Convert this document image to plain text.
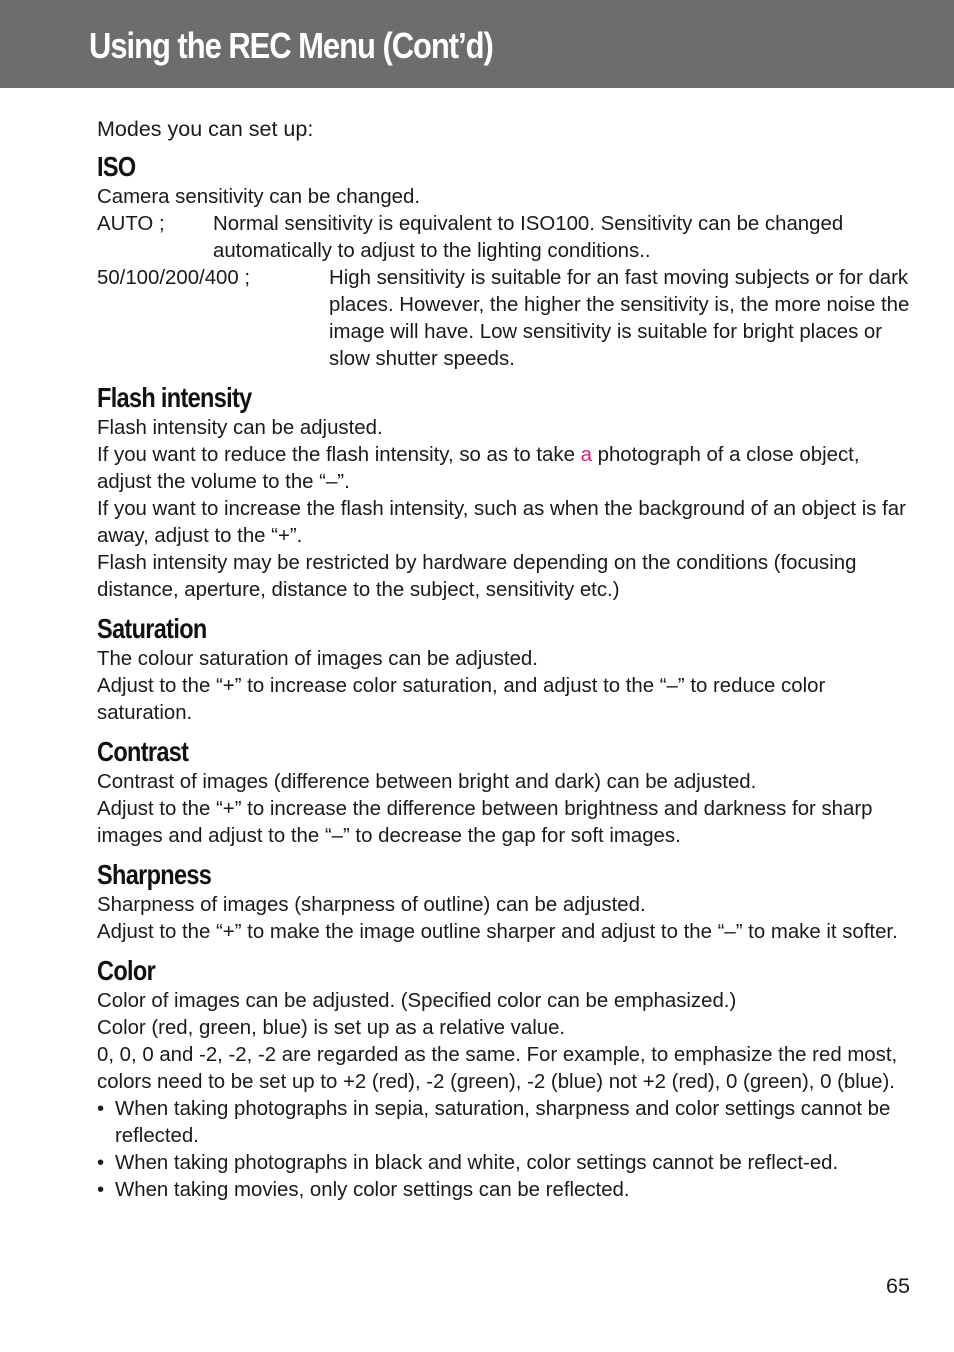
Using the REC Menu (Cont’d)

Modes you can set up:

ISO

Camera sensitivity can be changed.

AUTO ;	Normal sensitivity is equivalent to ISO100. Sensitivity can be changed automatically to adjust to the lighting conditions..
50/100/200/400 ;	High sensitivity is suitable for an fast moving subjects or for dark places. However, the higher the sensitivity is, the more noise the image will have. Low sensitivity is suitable for bright places or slow shutter speeds.
Flash intensity

Flash intensity can be adjusted.

If you want to reduce the flash intensity, so as to take a photograph of a close object, adjust the volume to the “–”.

If you want to increase the flash intensity, such as when the background of an object is far away, adjust to the “+”.

Flash intensity may be restricted by hardware depending on the conditions (focusing distance, aperture, distance to the subject, sensitivity etc.)

Saturation

The colour saturation of images can be adjusted.

Adjust to the “+” to increase color saturation, and adjust to the “–” to reduce color saturation.

Contrast

Contrast of images (difference between bright and dark) can be adjusted.

Adjust to the “+” to increase the difference between brightness and darkness for sharp images and adjust to the “–” to decrease the gap for soft images.

Sharpness

Sharpness of images (sharpness of outline) can be adjusted.

Adjust to the “+” to make the image outline sharper and adjust to the “–” to make it softer.

Color

Color of images can be adjusted. (Specified color can be emphasized.)

Color (red, green, blue) is set up as a relative value.

0, 0, 0 and -2, -2, -2 are regarded as the same. For example, to emphasize the red most, colors need to be set up to +2 (red), -2 (green), -2 (blue) not +2 (red), 0 (green), 0 (blue).

• When taking photographs in sepia, saturation, sharpness and color settings cannot be reflected.
• When taking photographs in black and white, color settings cannot be reflect-ed.
• When taking movies, only color settings can be reflected.
65
